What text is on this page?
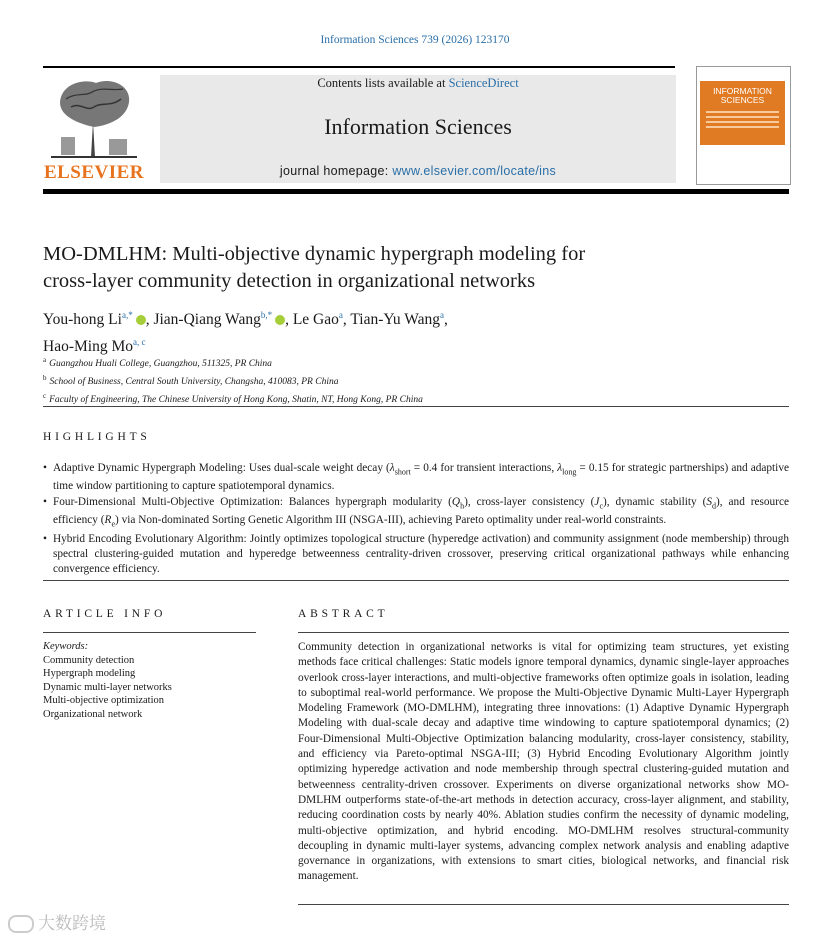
Information Sciences 739 (2026) 123170
ELSEVIER
Contents lists available at ScienceDirect
Information Sciences
journal homepage: www.elsevier.com/locate/ins
INFORMATION SCIENCES
MO-DMLHM: Multi-objective dynamic hypergraph modeling for
cross-layer community detection in organizational networks
You-hong $Li^{a,*}$ , Jian-Qiang Wang$^{b,*}$ , Le Gao$^a$, Tian-Yu Wang$^a$,
Hao-Ming Mo$^{a, c}$
$^a$ Guangzhou Huali College, Guangzhou, 511325, PR China
$^b$ School of Business, Central South University, Changsha, 410083, PR China
$^c$ Faculty of Engineering, The Chinese University of Hong Kong, Shatin, NT, Hong Kong, PR China
HIGHLIGHTS
• Adaptive Dynamic Hypergraph Modeling: Uses dual-scale weight decay ($\lambda_{short} = 0.4$ for transient interactions, $\lambda_{long} = 0.15$ for strategic partnerships) and adaptive time window partitioning to capture spatiotemporal dynamics.
• Four-Dimensional Multi-Objective Optimization: Balances hypergraph modularity $(Q_h)$, cross-layer consistency $(J_c)$, dynamic stability $(S_d)$, and resource efficiency $(R_e)$ via Non-dominated Sorting Genetic Algorithm III (NSGA-III), achieving Pareto optimality under real-world constraints.
• Hybrid Encoding Evolutionary Algorithm: Jointly optimizes topological structure (hyperedge activation) and community assignment (node membership) through spectral clustering-guided mutation and hyperedge betweenness centrality-driven crossover, preserving critical organizational pathways while enhancing convergence efficiency.
ARTICLE INFO
Keywords:
Community detection
Hypergraph modeling
Dynamic multi-layer networks
Multi-objective optimization
Organizational network
ABSTRACT
Community detection in organizational networks is vital for optimizing team structures, yet existing methods face critical challenges: Static models ignore temporal dynamics, dynamic single-layer approaches overlook cross-layer interactions, and multi-objective frameworks often optimize goals in isolation, leading to suboptimal real-world performance. We propose the Multi-Objective Dynamic Multi-Layer Hypergraph Modeling Framework (MO-DMLHM), integrating three innovations: (1) Adaptive Dynamic Hypergraph Modeling with dual-scale decay and adaptive time windowing to capture spatiotemporal dynamics; (2) Four-Dimensional Multi-Objective Optimization balancing modularity, cross-layer consistency, stability, and efficiency via Pareto-optimal NSGA-III; (3) Hybrid Encoding Evolutionary Algorithm jointly optimizing hyperedge activation and node membership through spectral clustering-guided mutation and betweenness centrality-driven crossover. Experiments on diverse organizational networks show MO-DMLHM outperforms state-of-the-art methods in detection accuracy, cross-layer alignment, and stability, reducing coordination costs by nearly 40%. Ablation studies confirm the necessity of dynamic modeling, multi-objective optimization, and hybrid encoding. MO-DMLHM resolves structural-community decoupling in dynamic multi-layer systems, advancing complex network analysis and enabling adaptive governance in organizations, with extensions to smart cities, biological networks, and financial risk management.
大数跨境
